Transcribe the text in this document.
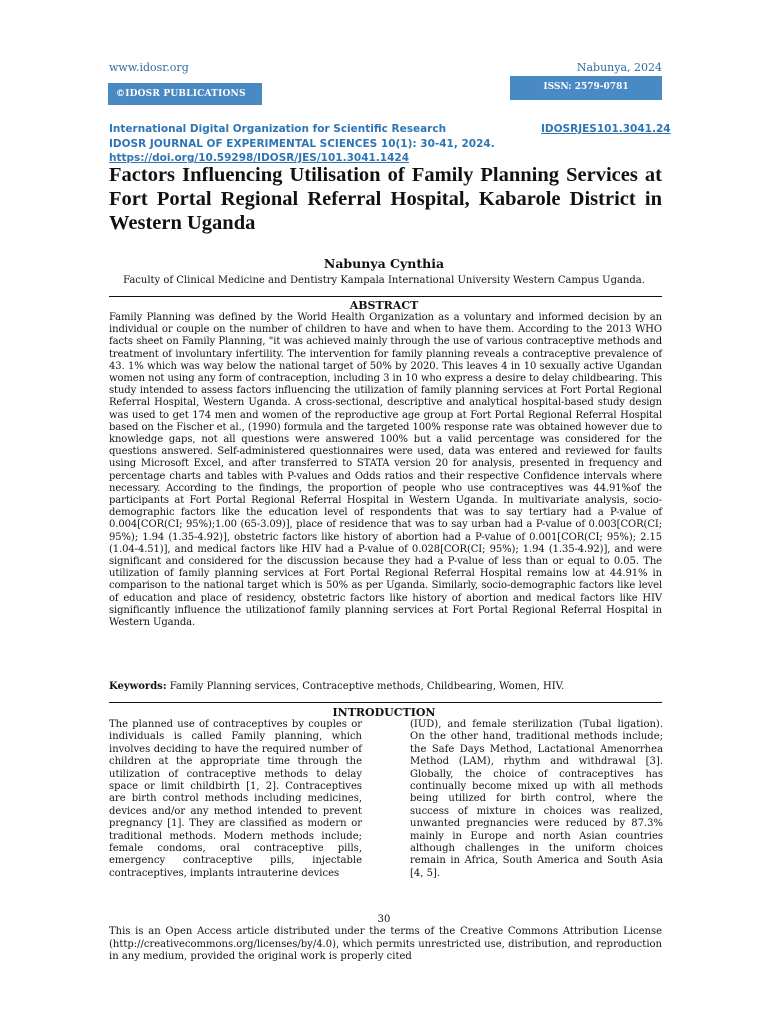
www.idosr.org	Nabunya, 2024
©IDOSR PUBLICATIONS
ISSN: 2579-0781
International Digital Organization for Scientific Research	IDOSRJES101.3041.24
IDOSR JOURNAL OF EXPERIMENTAL SCIENCES 10(1): 30-41, 2024.
https://doi.org/10.59298/IDOSR/JES/101.3041.1424
Factors Influencing Utilisation of Family Planning Services at Fort Portal Regional Referral Hospital, Kabarole District in Western Uganda
Nabunya Cynthia
Faculty of Clinical Medicine and Dentistry Kampala International University Western Campus Uganda.
ABSTRACT

Family Planning was defined by the World Health Organization as a voluntary and informed decision by an individual or couple on the number of children to have and when to have them. According to the 2013 WHO facts sheet on Family Planning, "it was achieved mainly through the use of various contraceptive methods and treatment of involuntary infertility. The intervention for family planning reveals a contraceptive prevalence of 43. 1% which was way below the national target of 50% by 2020. This leaves 4 in 10 sexually active Ugandan women not using any form of contraception, including 3 in 10 who express a desire to delay childbearing. This study intended to assess factors influencing the utilization of family planning services at Fort Portal Regional Referral Hospital, Western Uganda. A cross-sectional, descriptive and analytical hospital-based study design was used to get 174 men and women of the reproductive age group at Fort Portal Regional Referral Hospital based on the Fischer et al., (1990) formula and the targeted 100% response rate was obtained however due to knowledge gaps, not all questions were answered 100% but a valid percentage was considered for the questions answered. Self-administered questionnaires were used, data was entered and reviewed for faults using Microsoft Excel, and after transferred to STATA version 20 for analysis, presented in frequency and percentage charts and tables with P-values and Odds ratios and their respective Confidence intervals where necessary. According to the findings, the proportion of people who use contraceptives was 44.91%of the participants at Fort Portal Regional Referral Hospital in Western Uganda. In multivariate analysis, socio-demographic factors like the education level of respondents that was to say tertiary had a P-value of 0.004[COR(CI; 95%);1.00 (65-3.09)], place of residence that was to say urban had a P-value of 0.003[COR(CI; 95%); 1.94 (1.35-4.92)], obstetric factors like history of abortion had a P-value of 0.001[COR(CI; 95%); 2.15 (1.04-4.51)], and medical factors like HIV had a P-value of 0.028[COR(CI; 95%); 1.94 (1.35-4.92)], and were significant and considered for the discussion because they had a P-value of less than or equal to 0.05. The utilization of family planning services at Fort Portal Regional Referral Hospital remains low at 44.91% in comparison to the national target which is 50% as per Uganda. Similarly, socio-demographic factors like level of education and place of residency, obstetric factors like history of abortion and medical factors like HIV significantly influence the utilizationof family planning services at Fort Portal Regional Referral Hospital in Western Uganda.

Keywords: Family Planning services, Contraceptive methods, Childbearing, Women, HIV.
INTRODUCTION

The planned use of contraceptives by couples or individuals is called Family planning, which involves deciding to have the required number of children at the appropriate time through the utilization of contraceptive methods to delay space or limit childbirth [1, 2]. Contraceptives are birth control methods including medicines, devices and/or any method intended to prevent pregnancy [1]. They are classified as modern or traditional methods. Modern methods include; female condoms, oral contraceptive pills, emergency contraceptive pills, injectable contraceptives, implants intrauterine devices

(IUD), and female sterilization (Tubal ligation). On the other hand, traditional methods include; the Safe Days Method, Lactational Amenorrhea Method (LAM), rhythm and withdrawal [3]. Globally, the choice of contraceptives has continually become mixed up with all methods being utilized for birth control, where the success of mixture in choices was realized, unwanted pregnancies were reduced by 87.3% mainly in Europe and north Asian countries although challenges in the uniform choices remain in Africa, South America and South Asia [4, 5].

30

This is an Open Access article distributed under the terms of the Creative Commons Attribution License (http://creativecommons.org/licenses/by/4.0), which permits unrestricted use, distribution, and reproduction in any medium, provided the original work is properly cited
